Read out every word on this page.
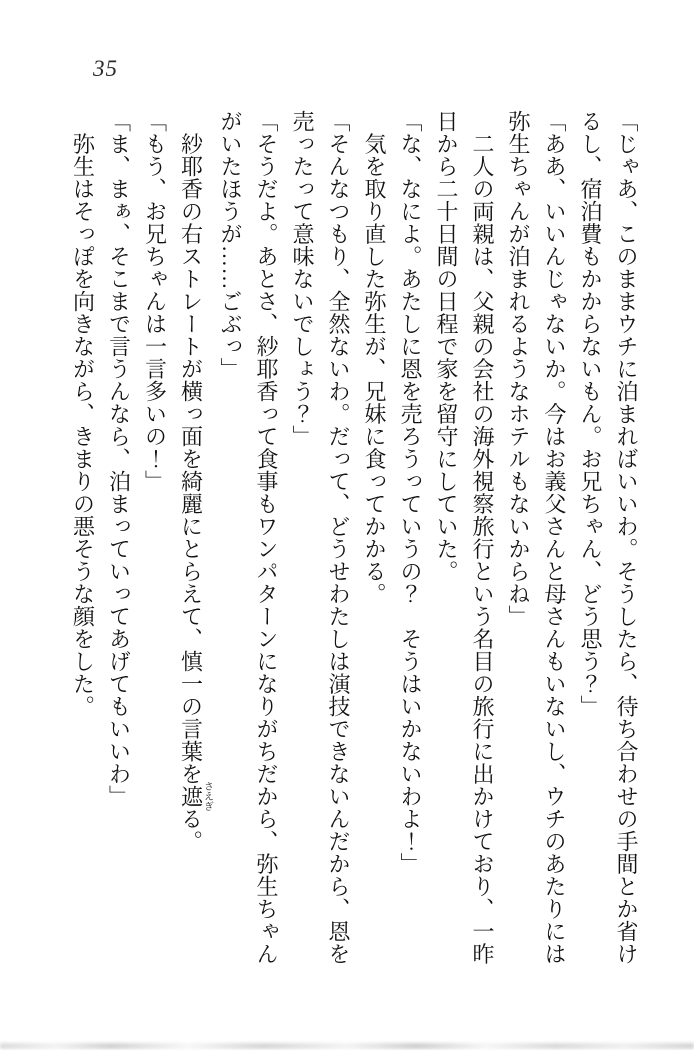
35

「じゃあ、このままウチに泊まればいいわ。そうしたら、待ち合わせの手間とか省け

るし、宿泊費もかからないもん。お兄ちゃん、どう思う？」

「ああ、いいんじゃないか。今はお義父さんと母さんもいないし、ウチのあたりには

弥生ちゃんが泊まれるようなホテルもないからね」

　二人の両親は、父親の会社の海外視察旅行という名目の旅行に出かけており、一昨

日から二十日間の日程で家を留守にしていた。

「な、なによ。あたしに恩を売ろうっていうの？　そうはいかないわよ！」

　気を取り直した弥生が、兄妹に食ってかかる。

「そんなつもり、全然ないわ。だって、どうせわたしは演技できないんだから、恩を

売ったって意味ないでしょう？」

「そうだよ。あとさ、紗耶香って食事もワンパターンになりがちだから、弥生ちゃん

がいたほうが……ごぶっ」

　紗耶香の右ストレートが横っ面を綺麗にとらえて、慎一の言葉を遮さえぎる。

「もう、お兄ちゃんは一言多いの！」

「ま、まぁ、そこまで言うんなら、泊まっていってあげてもいいわ」

　弥生はそっぽを向きながら、きまりの悪そうな顔をした。
